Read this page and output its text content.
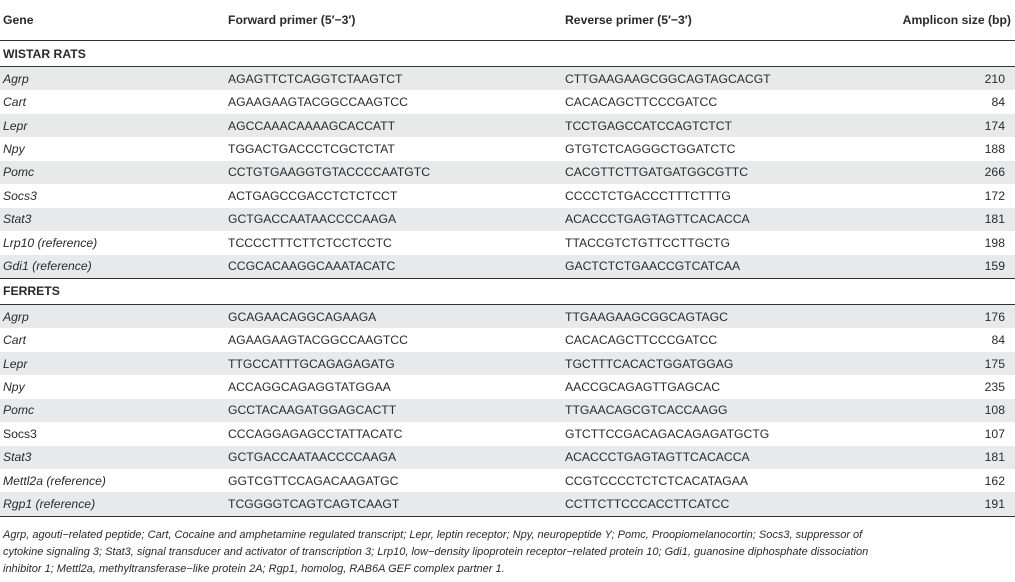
Gene	Forward primer (5′−3′)	Reverse primer (5′−3′)	Amplicon size (bp)
WISTAR RATS			
Agrp	AGAGTTCTCAGGTCTAAGTCT	CTTGAAGAAGCGGCAGTAGCACGT	210
Cart	AGAAGAAGTACGGCCAAGTCC	CACACAGCTTCCCGATCC	84
Lepr	AGCCAAACAAAAGCACCATT	TCCTGAGCCATCCAGTCTCT	174
Npy	TGGACTGACCCTCGCTCTAT	GTGTCTCAGGGCTGGATCTC	188
Pomc	CCTGTGAAGGTGTACCCCAATGTC	CACGTTCTTGATGATGGCGTTC	266
Socs3	ACTGAGCCGACCTCTCTCCT	CCCCTCTGACCCTTTCTTTG	172
Stat3	GCTGACCAATAACCCCAAGA	ACACCCTGAGTAGTTCACACCA	181
Lrp10 (reference)	TCCCCTTTCTTCTCCTCCTC	TTACCGTCTGTTCCTTGCTG	198
Gdi1 (reference)	CCGCACAAGGCAAATACATC	GACTCTCTGAACCGTCATCAA	159
FERRETS			
Agrp	GCAGAACAGGCAGAAGA	TTGAAGAAGCGGCAGTAGC	176
Cart	AGAAGAAGTACGGCCAAGTCC	CACACAGCTTCCCGATCC	84
Lepr	TTGCCATTTGCAGAGAGATG	TGCTTTCACACTGGATGGAG	175
Npy	ACCAGGCAGAGGTATGGAA	AACCGCAGAGTTGAGCAC	235
Pomc	GCCTACAAGATGGAGCACTT	TTGAACAGCGTCACCAAGG	108
Socs3	CCCAGGAGAGCCTATTACATC	GTCTTCCGACAGACAGAGATGCTG	107
Stat3	GCTGACCAATAACCCCAAGA	ACACCCTGAGTAGTTCACACCA	181
Mettl2a (reference)	GGTCGTTCCAGACAAGATGC	CCGTCCCCTCTCTCACATAGAA	162
Rgp1 (reference)	TCGGGGTCAGTCAGTCAAGT	CCTTCTTCCCACCTTCATCC	191
Agrp, agouti−related peptide; Cart, Cocaine and amphetamine regulated transcript; Lepr, leptin receptor; Npy, neuropeptide Y; Pomc, Proopiomelanocortin; Socs3, suppressor of
cytokine signaling 3; Stat3, signal transducer and activator of transcription 3; Lrp10, low−density lipoprotein receptor−related protein 10; Gdi1, guanosine diphosphate dissociation
inhibitor 1; Mettl2a, methyltransferase−like protein 2A; Rgp1, homolog, RAB6A GEF complex partner 1.
